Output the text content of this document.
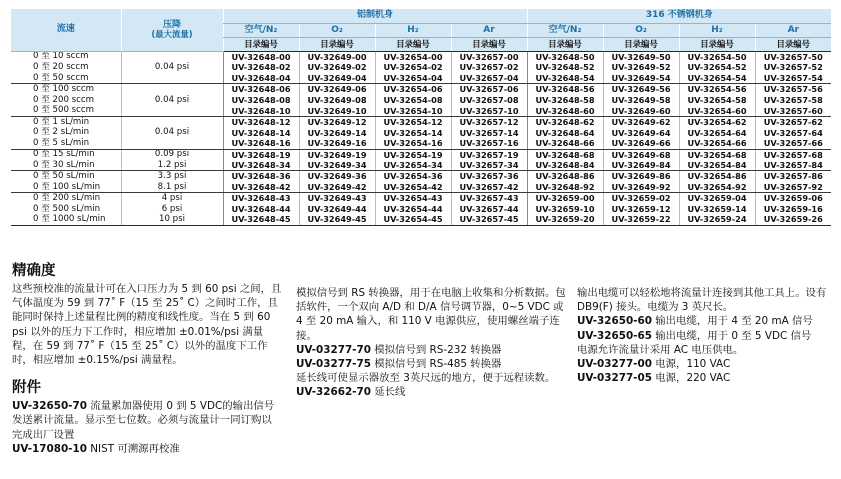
流速	压降
(最大流量)	铝制机身				316 不锈钢机身			
		空气/N₂	O₂	H₂	Ar	空气/N₂	O₂	H₂	Ar
		目录编号	目录编号	目录编号	目录编号	目录编号	目录编号	目录编号	目录编号
0 至 10 sccm		UV-32648-00	UV-32649-00	UV-32654-00	UV-32657-00	UV-32648-50	UV-32649-50	UV-32654-50	UV-32657-50
0 至 20 sccm	0.04 psi	UV-32648-02	UV-32649-02	UV-32654-02	UV-32657-02	UV-32648-52	UV-32649-52	UV-32654-52	UV-32657-52
0 至 50 sccm		UV-32648-04	UV-32649-04	UV-32654-04	UV-32657-04	UV-32648-54	UV-32649-54	UV-32654-54	UV-32657-54
0 至 100 sccm		UV-32648-06	UV-32649-06	UV-32654-06	UV-32657-06	UV-32648-56	UV-32649-56	UV-32654-56	UV-32657-56
0 至 200 sccm	0.04 psi	UV-32648-08	UV-32649-08	UV-32654-08	UV-32657-08	UV-32648-58	UV-32649-58	UV-32654-58	UV-32657-58
0 至 500 sccm		UV-32648-10	UV-32649-10	UV-32654-10	UV-32657-10	UV-32648-60	UV-32649-60	UV-32654-60	UV-32657-60
0 至 1 sL/min		UV-32648-12	UV-32649-12	UV-32654-12	UV-32657-12	UV-32648-62	UV-32649-62	UV-32654-62	UV-32657-62
0 至 2 sL/min	0.04 psi	UV-32648-14	UV-32649-14	UV-32654-14	UV-32657-14	UV-32648-64	UV-32649-64	UV-32654-64	UV-32657-64
0 至 5 sL/min		UV-32648-16	UV-32649-16	UV-32654-16	UV-32657-16	UV-32648-66	UV-32649-66	UV-32654-66	UV-32657-66
0 至 15 sL/min	0.09 psi	UV-32648-19	UV-32649-19	UV-32654-19	UV-32657-19	UV-32648-68	UV-32649-68	UV-32654-68	UV-32657-68
0 至 30 sL/min	1.2 psi	UV-32648-34	UV-32649-34	UV-32654-34	UV-32657-34	UV-32648-84	UV-32649-84	UV-32654-84	UV-32657-84
0 至 50 sL/min	3.3 psi	UV-32648-36	UV-32649-36	UV-32654-36	UV-32657-36	UV-32648-86	UV-32649-86	UV-32654-86	UV-32657-86
0 至 100 sL/min	8.1 psi	UV-32648-42	UV-32649-42	UV-32654-42	UV-32657-42	UV-32648-92	UV-32649-92	UV-32654-92	UV-32657-92
0 至 200 sL/min	4 psi	UV-32648-43	UV-32649-43	UV-32654-43	UV-32657-43	UV-32659-00	UV-32659-02	UV-32659-04	UV-32659-06
0 至 500 sL/min	6 psi	UV-32648-44	UV-32649-44	UV-32654-44	UV-32657-44	UV-32659-10	UV-32659-12	UV-32659-14	UV-32659-16
0 至 1000 sL/min	10 psi	UV-32648-45	UV-32649-45	UV-32654-45	UV-32657-45	UV-32659-20	UV-32659-22	UV-32659-24	UV-32659-26
精确度

这些预校准的流量计可在入口压力为 5 到 60 psi 之间，且气体温度为 59 到 77˚ F（15 至 25˚ C）之间时工作，且能同时保持上述量程比例的精度和线性度。当在 5 到 60 psi 以外的压力下工作时，相应增加 ±0.01%/psi 满量程，在 59 到 77˚ F（15 至 25˚ C）以外的温度下工作时，相应增加 ±0.15%/psi 满量程。

附件

UV-32650-70 流量累加器使用 0 到 5 VDC的输出信号发送累计流量。显示至七位数。必须与流量计一同订购以完成出厂设置

UV-17080-10 NIST 可溯源再校准

模拟信号到 RS 转换器，用于在电脑上收集和分析数据。包括软件，一个双向 A/D 和 D/A 信号调节器，0~5 VDC 或 4 至 20 mA 输入，和 110 V 电源供应，使用螺丝端子连接。

UV-03277-70 模拟信号到 RS-232 转换器

UV-03277-75 模拟信号到 RS-485 转换器

延长线可使显示器放至 3英尺远的地方，便于远程读数。

UV-32662-70 延长线

输出电缆可以轻松地将流量计连接到其他工具上。设有DB9(F) 接头。电缆为 3 英尺长。

UV-32650-60 输出电缆，用于 4 至 20 mA 信号

UV-32650-65 输出电缆，用于 0 至 5 VDC 信号

电源允许流量计采用 AC 电压供电。

UV-03277-00 电源，110 VAC

UV-03277-05 电源，220 VAC
